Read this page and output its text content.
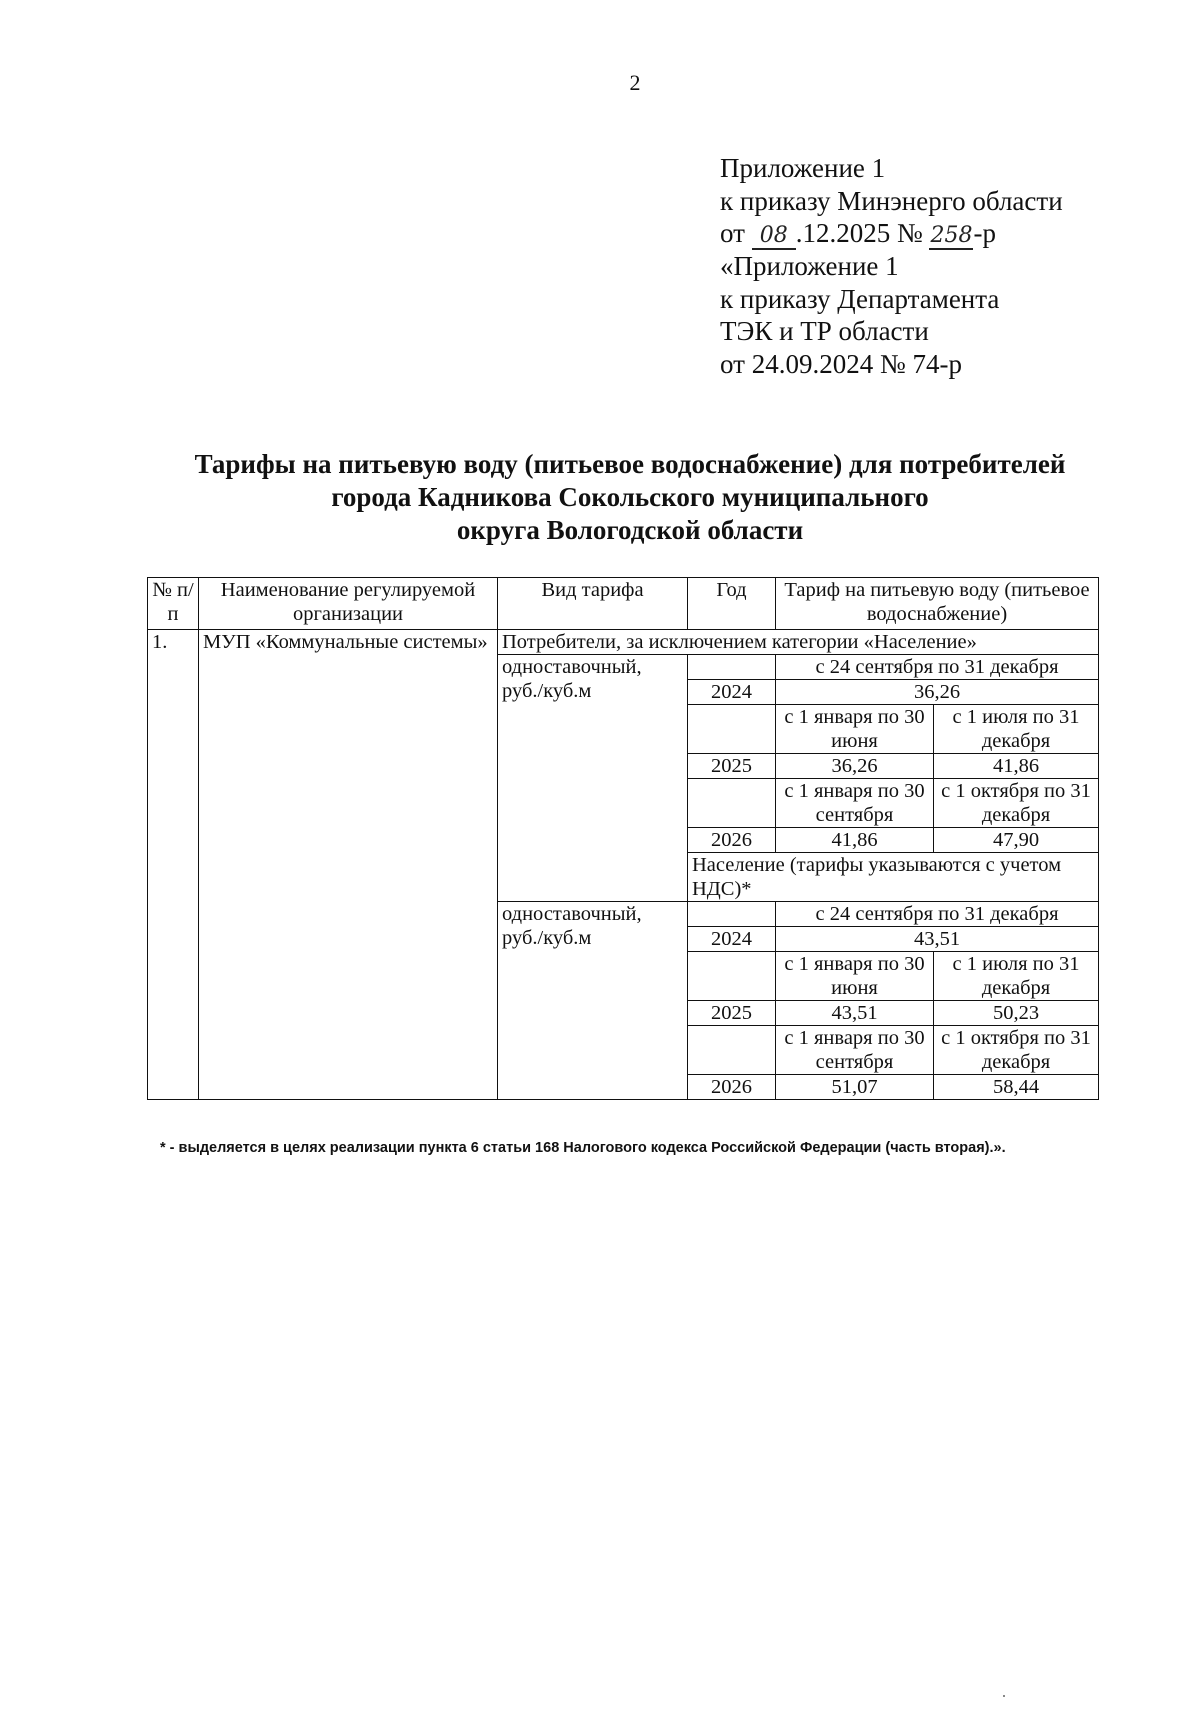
2
Приложение 1
к приказу Минэнерго области
от 08 .12.2025 № 258-р
«Приложение 1
к приказу Департамента
ТЭК и ТР области
от 24.09.2024 № 74-р
Тарифы на питьевую воду (питьевое водоснабжение) для потребителей
города Кадникова Сокольского муниципального
округа Вологодской области
№ п/п	Наименование регулируемой организации	Вид тарифа	Год	Тариф на питьевую воду (питьевое водоснабжение)	
1.	МУП «Коммунальные системы»	Потребители, за исключением категории «Население»			
		одноставочный, руб./куб.м		с 24 сентября по 31 декабря	
			2024	36,26	
				с 1 января по 30 июня	с 1 июля по 31 декабря
			2025	36,26	41,86
				с 1 января по 30 сентября	с 1 октября по 31 декабря
			2026	41,86	47,90
			Население (тарифы указываются с учетом НДС)*		
		одноставочный, руб./куб.м		с 24 сентября по 31 декабря	
			2024	43,51	
				с 1 января по 30 июня	с 1 июля по 31 декабря
			2025	43,51	50,23
				с 1 января по 30 сентября	с 1 октября по 31 декабря
			2026	51,07	58,44
* - выделяется в целях реализации пункта 6 статьи 168 Налогового кодекса Российской Федерации (часть вторая).».
